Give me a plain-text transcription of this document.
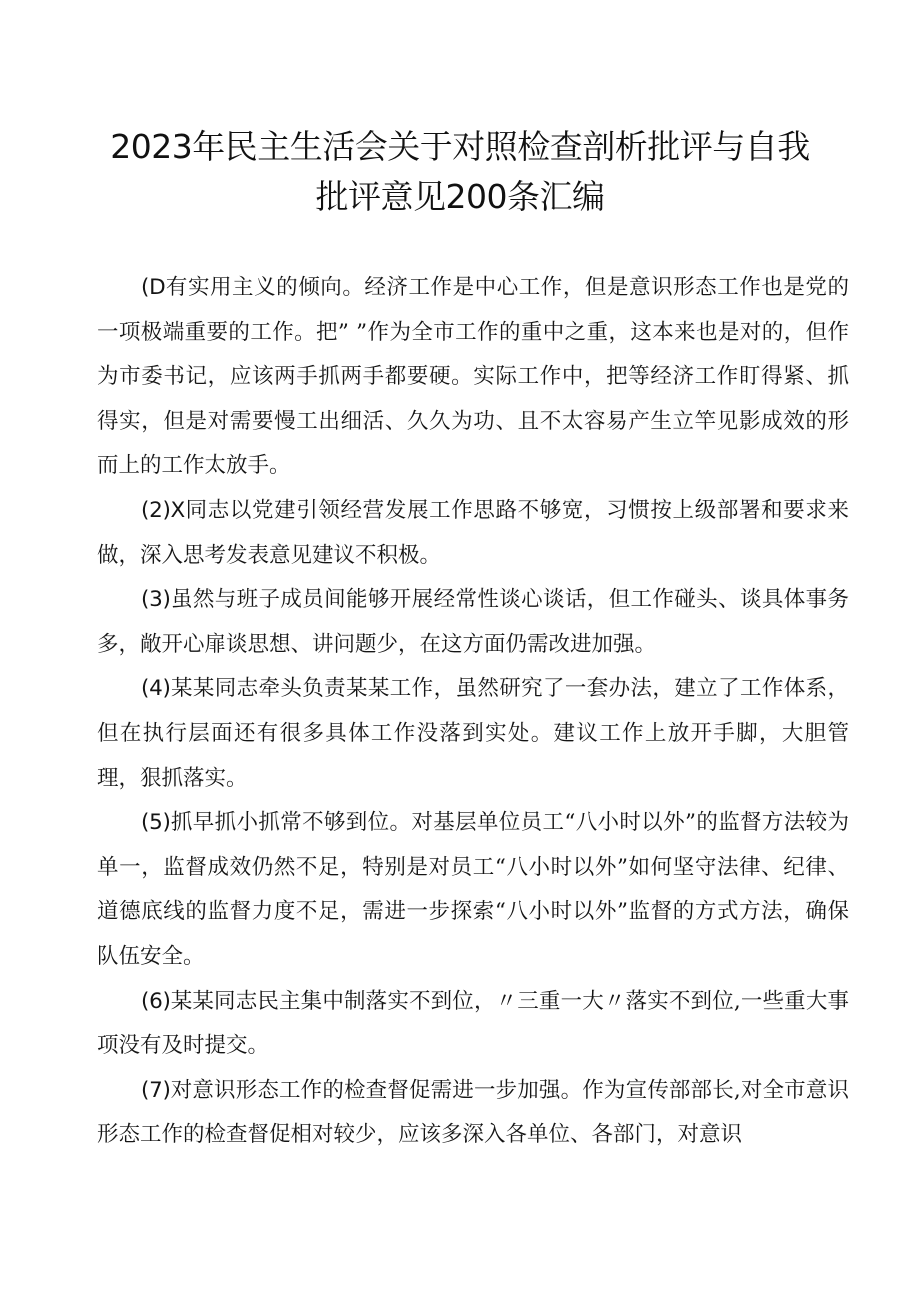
2023年民主生活会关于对照检查剖析批评与自我
批评意见200条汇编

(D有实用主义的倾向。经济工作是中心工作，但是意识形态工作也是党的一项极端重要的工作。把” ”作为全市工作的重中之重，这本来也是对的，但作为市委书记，应该两手抓两手都要硬。实际工作中，把等经济工作盯得紧、抓得实，但是对需要慢工出细活、久久为功、且不太容易产生立竿见影成效的形而上的工作太放手。

(2)X同志以党建引领经营发展工作思路不够宽，习惯按上级部署和要求来做，深入思考发表意见建议不积极。

(3)虽然与班子成员间能够开展经常性谈心谈话，但工作碰头、谈具体事务多，敞开心扉谈思想、讲问题少，在这方面仍需改进加强。

(4)某某同志牵头负责某某工作，虽然研究了一套办法，建立了工作体系，但在执行层面还有很多具体工作没落到实处。建议工作上放开手脚，大胆管理，狠抓落实。

(5)抓早抓小抓常不够到位。对基层单位员工“八小时以外”的监督方法较为单一，监督成效仍然不足，特别是对员工“八小时以外”如何坚守法律、纪律、道德底线的监督力度不足，需进一步探索“八小时以外”监督的方式方法，确保队伍安全。

(6)某某同志民主集中制落实不到位，〃三重一大〃落实不到位,一些重大事项没有及时提交。

(7)对意识形态工作的检查督促需进一步加强。作为宣传部部长,对全市意识形态工作的检查督促相对较少，应该多深入各单位、各部门，对意识
